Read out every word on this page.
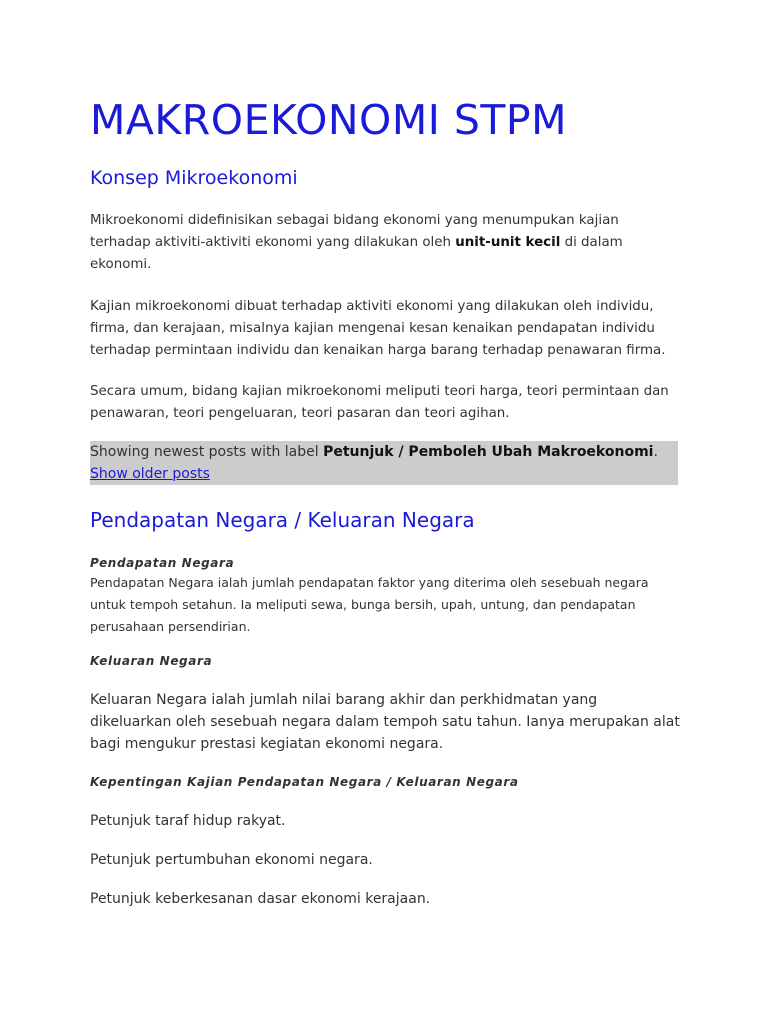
MAKROEKONOMI STPM
Konsep Mikroekonomi

Mikroekonomi didefinisikan sebagai bidang ekonomi yang menumpukan kajian terhadap aktiviti-aktiviti ekonomi yang dilakukan oleh unit-unit kecil di dalam ekonomi.

Kajian mikroekonomi dibuat terhadap aktiviti ekonomi yang dilakukan oleh individu, firma, dan kerajaan, misalnya kajian mengenai kesan kenaikan pendapatan individu terhadap permintaan individu dan kenaikan harga barang terhadap penawaran firma.

Secara umum, bidang kajian mikroekonomi meliputi teori harga, teori permintaan dan penawaran, teori pengeluaran, teori pasaran dan teori agihan.

Showing newest posts with label Petunjuk / Pemboleh Ubah Makroekonomi.
Show older posts
Pendapatan Negara / Keluaran Negara
Pendapatan Negara

Pendapatan Negara ialah jumlah pendapatan faktor yang diterima oleh sesebuah negara untuk tempoh setahun. Ia meliputi sewa, bunga bersih, upah, untung, dan pendapatan perusahaan persendirian.

Keluaran Negara

Keluaran Negara ialah jumlah nilai barang akhir dan perkhidmatan yang dikeluarkan oleh sesebuah negara dalam tempoh satu tahun. Ianya merupakan alat bagi mengukur prestasi kegiatan ekonomi negara.

Kepentingan Kajian Pendapatan Negara / Keluaran Negara
Petunjuk taraf hidup rakyat.
Petunjuk pertumbuhan ekonomi negara.
Petunjuk keberkesanan dasar ekonomi kerajaan.
